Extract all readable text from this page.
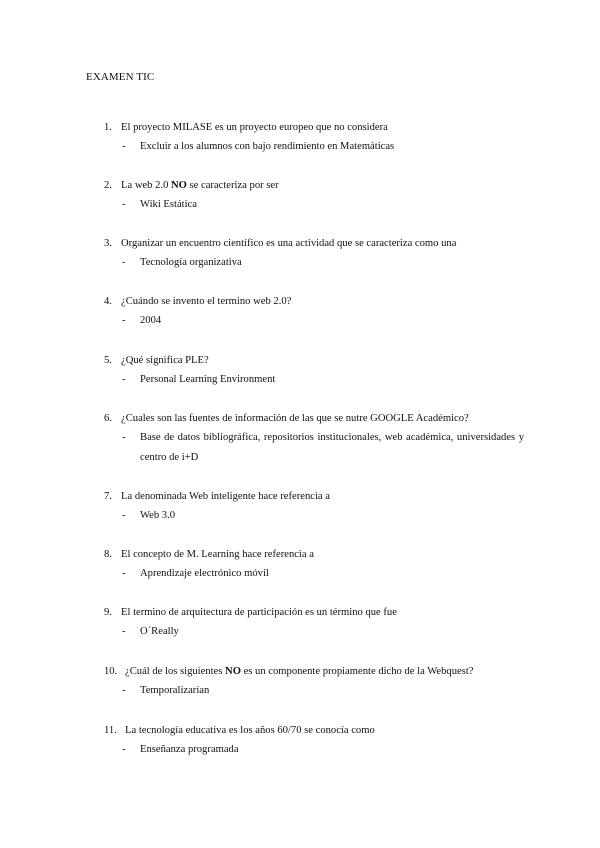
EXAMEN TIC
1. El proyecto MILASE es un proyecto europeo que no considera
-	Excluir a los alumnos con bajo rendimiento en Matemáticas
2. La web 2.0 NO se caracteriza por ser
-	Wiki Estática
3. Organizar un encuentro científico es una actividad que se caracteriza como una
-	Tecnología organizativa
4. ¿Cuándo se invento el termino web 2.0?
-	2004
5. ¿Qué significa PLE?
-	Personal Learning Environment
6. ¿Cuales son las fuentes de información de las que se nutre GOOGLE Académico?
-	Base de datos bibliográfica, repositorios institucionales, web académica, universidades y centro de i+D
7. La denominada Web inteligente hace referencia a
-	Web 3.0
8. El concepto de M. Learning hace referencia a
-	Aprendizaje electrónico móvil
9. El termino de arquitectura de participación es un término que fue
-	O´Really
10. ¿Cuál de los siguientes NO es un componente propiamente dicho de la Webquest?
-	Temporalizarían
11. La tecnología educativa es los años 60/70 se conocía como
-	Enseñanza programada
